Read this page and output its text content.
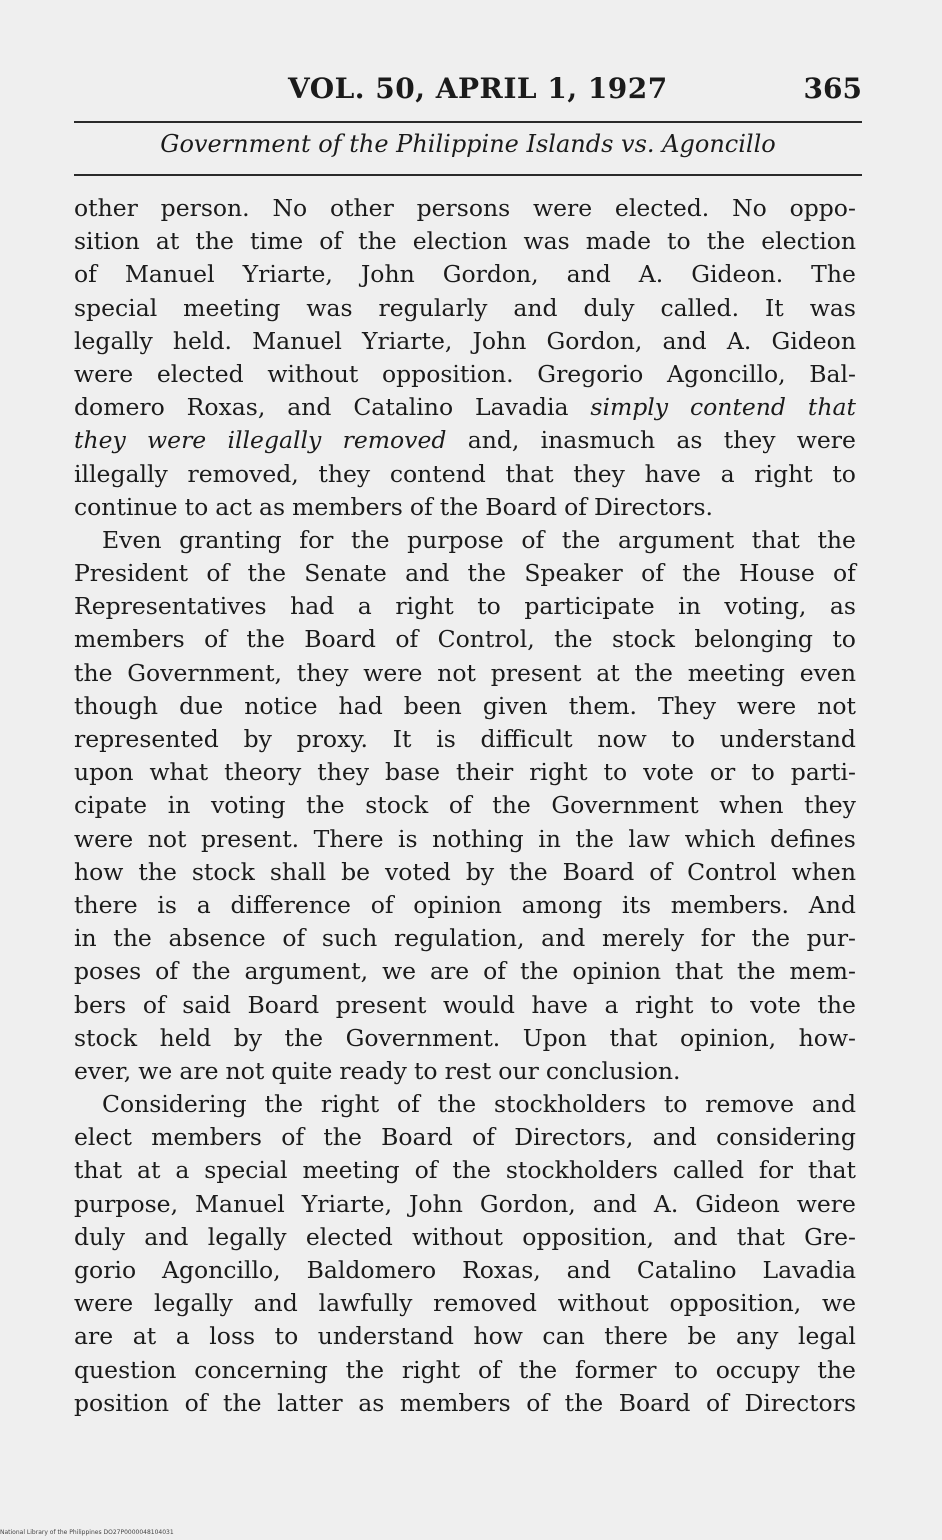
VOL. 50, APRIL 1, 1927	365
Government of the Philippine Islands vs. Agoncillo
other person. No other persons were elected. No oppo-
sition at the time of the election was made to the election
of Manuel Yriarte, John Gordon, and A. Gideon. The
special meeting was regularly and duly called. It was
legally held. Manuel Yriarte, John Gordon, and A. Gideon
were elected without opposition. Gregorio Agoncillo, Bal-
domero Roxas, and Catalino Lavadia simply contend that
they were illegally removed and, inasmuch as they were
illegally removed, they contend that they have a right to
continue to act as members of the Board of Directors.
Even granting for the purpose of the argument that the
President of the Senate and the Speaker of the House of
Representatives had a right to participate in voting, as
members of the Board of Control, the stock belonging to
the Government, they were not present at the meeting even
though due notice had been given them. They were not
represented by proxy. It is difficult now to understand
upon what theory they base their right to vote or to parti-
cipate in voting the stock of the Government when they
were not present. There is nothing in the law which defines
how the stock shall be voted by the Board of Control when
there is a difference of opinion among its members. And
in the absence of such regulation, and merely for the pur-
poses of the argument, we are of the opinion that the mem-
bers of said Board present would have a right to vote the
stock held by the Government. Upon that opinion, how-
ever, we are not quite ready to rest our conclusion.
Considering the right of the stockholders to remove and
elect members of the Board of Directors, and considering
that at a special meeting of the stockholders called for that
purpose, Manuel Yriarte, John Gordon, and A. Gideon were
duly and legally elected without opposition, and that Gre-
gorio Agoncillo, Baldomero Roxas, and Catalino Lavadia
were legally and lawfully removed without opposition, we
are at a loss to understand how can there be any legal
question concerning the right of the former to occupy the
position of the latter as members of the Board of Directors
National Library of the Philippines DO27P0000048104031
